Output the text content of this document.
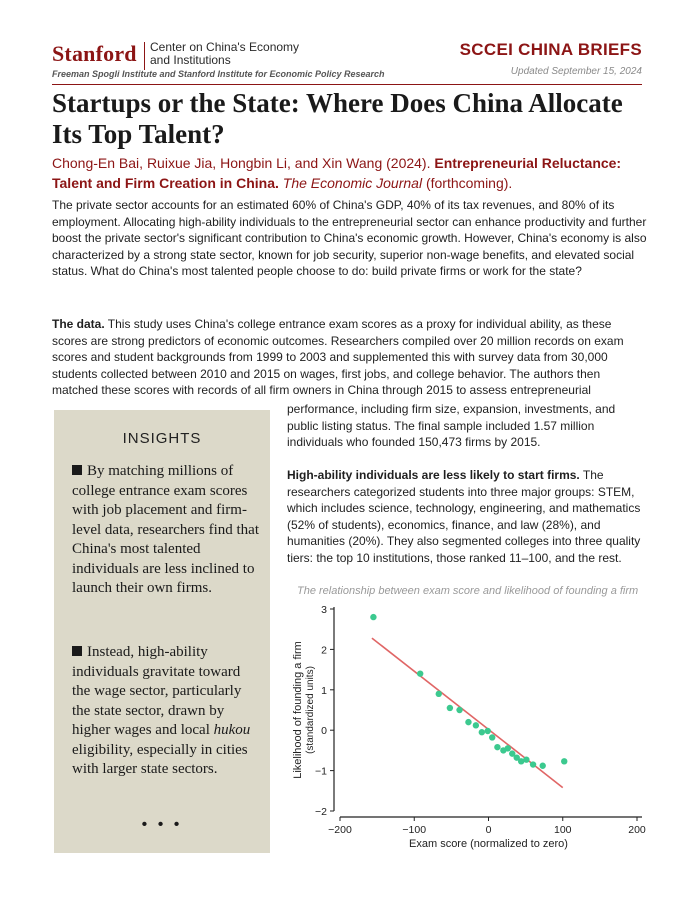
Stanford Center on China's Economy
and Institutions
Freeman Spogli Institute and Stanford Institute for Economic Policy Research
SCCEI CHINA BRIEFS
Updated September 15, 2024
Startups or the State: Where Does China Allocate Its Top Talent?
Chong-En Bai, Ruixue Jia, Hongbin Li, and Xin Wang (2024). Entrepreneurial Reluctance: Talent and Firm Creation in China. The Economic Journal (forthcoming).

The private sector accounts for an estimated 60% of China's GDP, 40% of its tax revenues, and 80% of its employment. Allocating high-ability individuals to the entrepreneurial sector can enhance productivity and further boost the private sector's significant contribution to China's economic growth. However, China's economy is also characterized by a strong state sector, known for job security, superior non-wage benefits, and elevated social status. What do China's most talented people choose to do: build private firms or work for the state?

The data. This study uses China's college entrance exam scores as a proxy for individual ability, as these scores are strong predictors of economic outcomes. Researchers compiled over 20 million records on exam scores and student backgrounds from 1999 to 2003 and supplemented this with survey data from 30,000 students collected between 2010 and 2015 on wages, first jobs, and college behavior. The authors then matched these scores with records of all firm owners in China through 2015 to assess entrepreneurial

performance, including firm size, expansion, investments, and public listing status. The final sample included 1.57 million individuals who founded 150,473 firms by 2015.

High-ability individuals are less likely to start firms. The researchers categorized students into three major groups: STEM, which includes science, technology, engineering, and mathematics (52% of students), economics, finance, and law (28%), and humanities (20%). They also segmented colleges into three quality tiers: the top 10 institutions, those ranked 11–100, and the rest.

INSIGHTS

By matching millions of college entrance exam scores with job placement and firm-level data, researchers find that China's most talented individuals are less inclined to launch their own firms.

Instead, high-ability individuals gravitate toward the wage sector, particularly the state sector, drawn by higher wages and local hukou eligibility, especially in cities with larger state sectors.

• • •
The relationship between exam score and likelihood of founding a firm
−200	−100	0	100	200
−2
−1
0
1
2
3
Exam score (normalized to zero)
Likelihood of founding a firm (standardized units)
